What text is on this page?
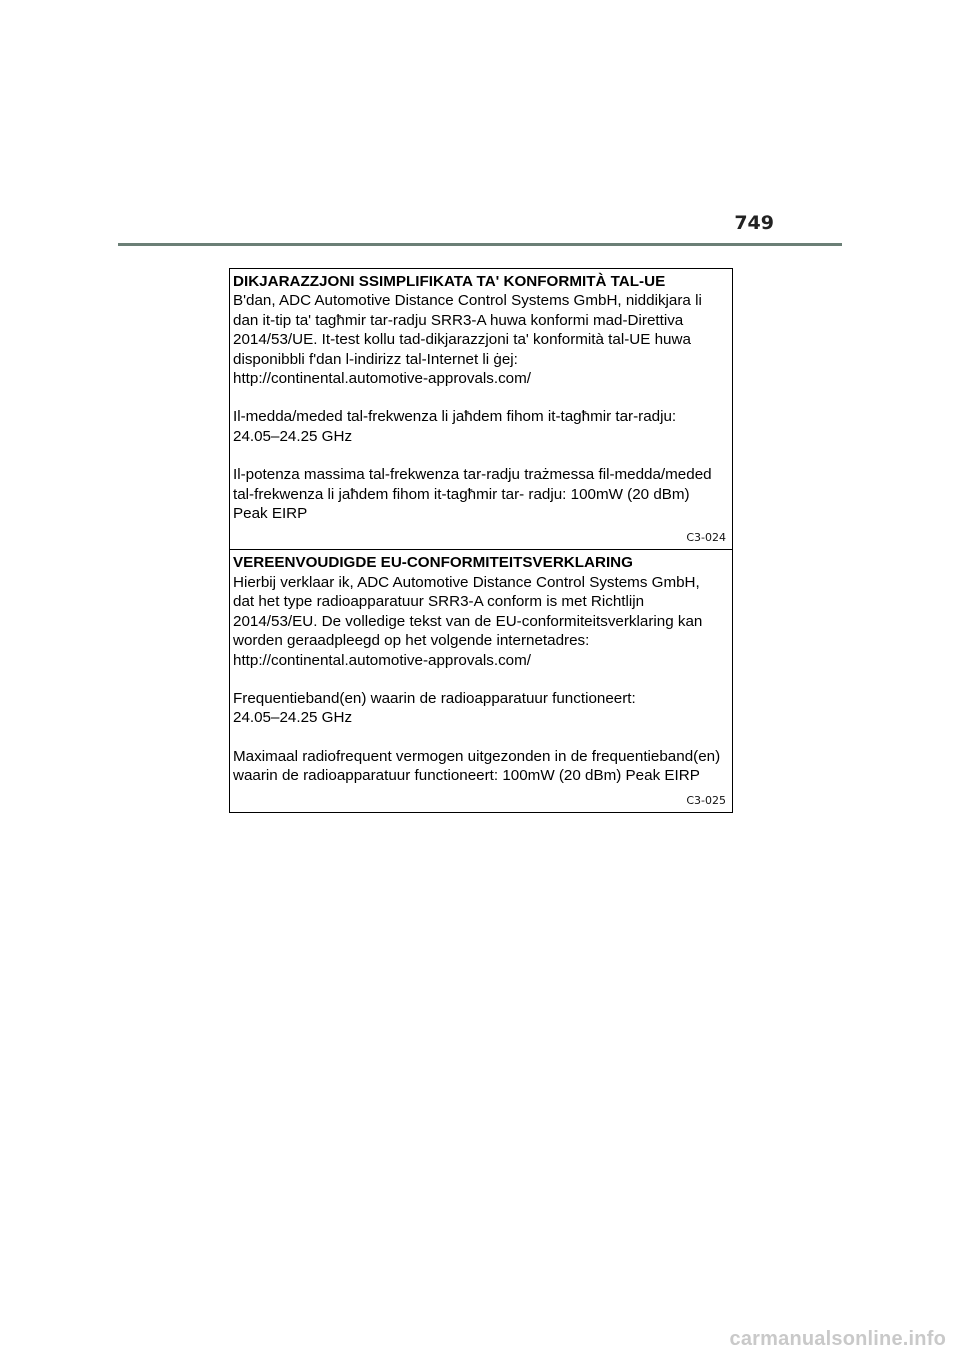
749
DIKJARAZZJONI SSIMPLIFIKATA TA' KONFORMITÀ TAL-UE
B'dan, ADC Automotive Distance Control Systems GmbH, niddikjara li
dan it-tip ta' tagħmir tar-radju SRR3-A huwa konformi mad-Direttiva
2014/53/UE. It-test kollu tad-dikjarazzjoni ta' konformità tal-UE huwa
disponibbli f'dan l-indirizz tal-Internet li ġej:
http://continental.automotive-approvals.com/
Il-medda/meded tal-frekwenza li jaħdem fihom it-tagħmir tar-radju:
24.05–24.25 GHz
Il-potenza massima tal-frekwenza tar-radju trażmessa fil-medda/meded
tal-frekwenza li jaħdem fihom it-tagħmir tar- radju: 100mW (20 dBm)
Peak EIRP
C3-024
VEREENVOUDIGDE EU-CONFORMITEITSVERKLARING
Hierbij verklaar ik, ADC Automotive Distance Control Systems GmbH,
dat het type radioapparatuur SRR3-A conform is met Richtlijn
2014/53/EU. De volledige tekst van de EU-conformiteitsverklaring kan
worden geraadpleegd op het volgende internetadres:
http://continental.automotive-approvals.com/
Frequentieband(en) waarin de radioapparatuur functioneert:
24.05–24.25 GHz
Maximaal radiofrequent vermogen uitgezonden in de frequentieband(en)
waarin de radioapparatuur functioneert: 100mW (20 dBm) Peak EIRP
C3-025
carmanualsonline.info
